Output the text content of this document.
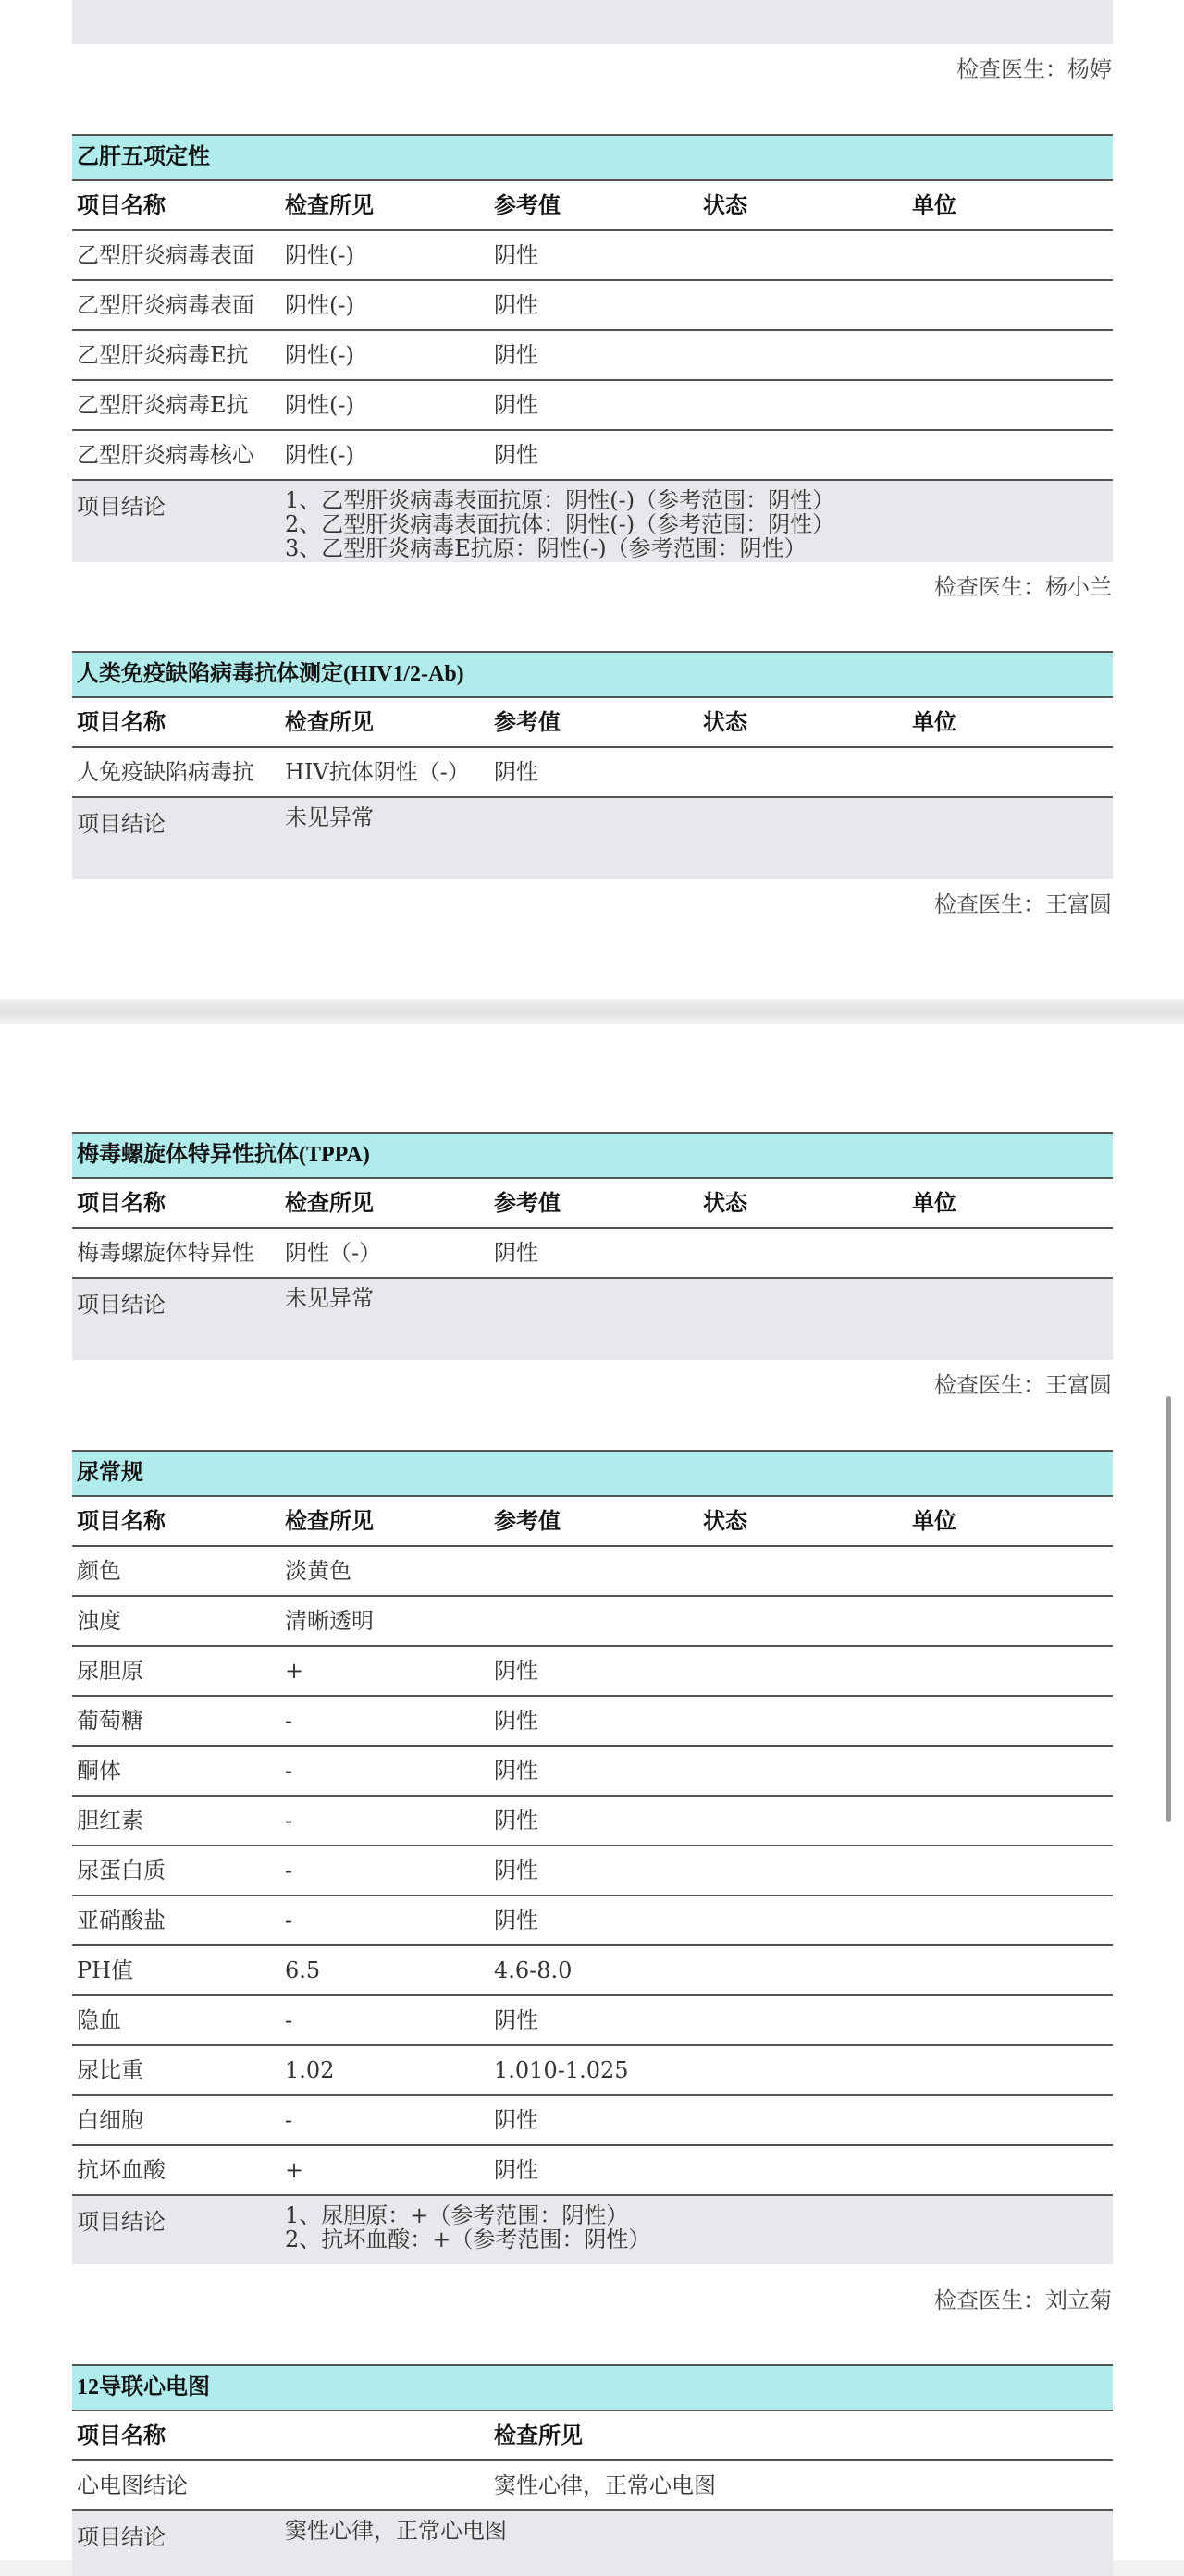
检查医生：杨婷
乙肝五项定性
项目名称	检查所见	参考值	状态	单位
乙型肝炎病毒表面	阴性(-)	阴性
乙型肝炎病毒表面	阴性(-)	阴性
乙型肝炎病毒E抗	阴性(-)	阴性
乙型肝炎病毒E抗	阴性(-)	阴性
乙型肝炎病毒核心	阴性(-)	阴性
项目结论	1、乙型肝炎病毒表面抗原：阴性(-)（参考范围：阴性）
2、乙型肝炎病毒表面抗体：阴性(-)（参考范围：阴性）
3、乙型肝炎病毒E抗原：阴性(-)（参考范围：阴性）
检查医生：杨小兰
人类免疫缺陷病毒抗体测定(HIV1/2-Ab)
项目名称	检查所见	参考值	状态	单位
人免疫缺陷病毒抗	HIV抗体阴性（-）	阴性
项目结论	未见异常
检查医生：王富圆
梅毒螺旋体特异性抗体(TPPA)
项目名称	检查所见	参考值	状态	单位
梅毒螺旋体特异性	阴性（-）	阴性
项目结论	未见异常
检查医生：王富圆
尿常规
项目名称	检查所见	参考值	状态	单位
颜色	淡黄色
浊度	清晰透明
尿胆原	+	阴性
葡萄糖	-	阴性
酮体	-	阴性
胆红素	-	阴性
尿蛋白质	-	阴性
亚硝酸盐	-	阴性
PH值	6.5	4.6-8.0
隐血	-	阴性
尿比重	1.02	1.010-1.025
白细胞	-	阴性
抗坏血酸	+	阴性
项目结论	1、尿胆原：+（参考范围：阴性）
2、抗坏血酸：+（参考范围：阴性）
检查医生：刘立菊
12导联心电图
项目名称	检查所见
心电图结论	窦性心律，正常心电图
项目结论	窦性心律，正常心电图
